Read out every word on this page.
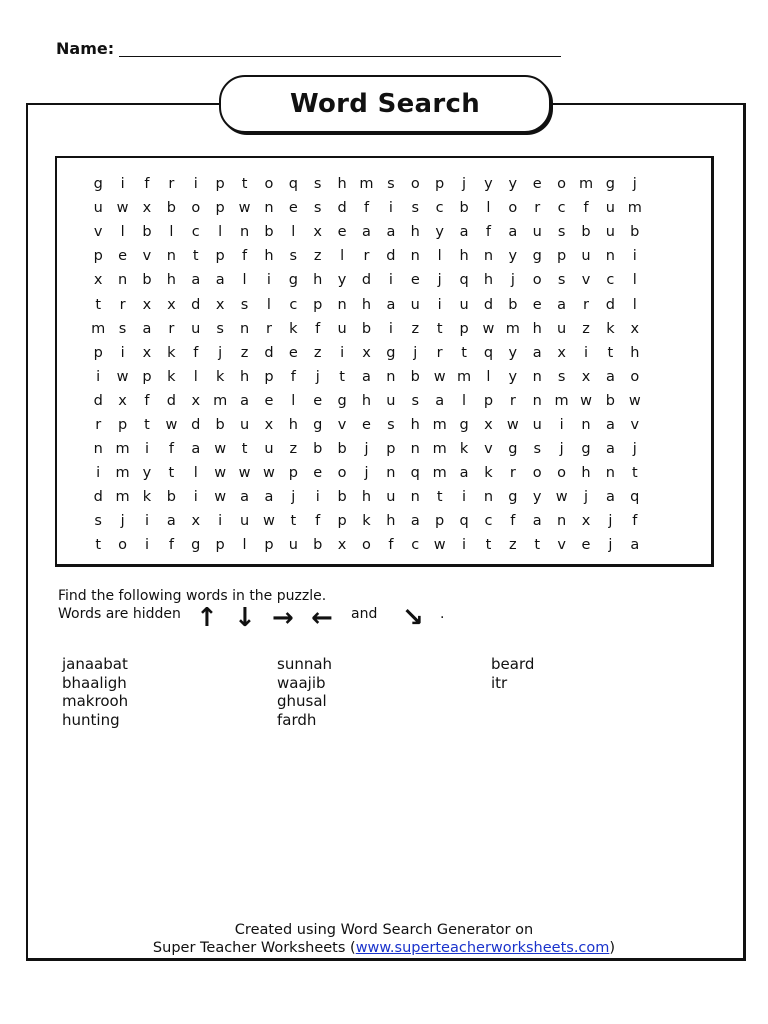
Name:
Word Search
g	i	f	r	i	p	t	o	q	s	h m s	o	p	j	y	y	e	o m g	j
u w x	b	o	p w n	e	s	d	f	i	s	c	b	l	o	r	c	f	u m
v	l	b	l	c	l	n	b	l	x	e	a	a	h	y	a	f	a	u	s	b	u	b
p	e	v	n	t	p	f	h	s	z	l	r	d	n	l	h	n	y	g	p	u	n	i
x	n	b	h	a	a	l	i	g	h	y	d	i	e	j	q	h	j	o	s	v	c	l
t	r	x	x	d	x	s	l	c	p	n	h	a	u	i	u	d	b	e	a	r	d	l
m s	a	r	u	s	n	r	k	f	u	b	i	z	t	p w m h	u	z	k	x
p	i	x	k	f	j	z	d	e	z	i	x	g	j	r	t	q	y	a	x	i	t	h
i	w p	k	l	k	h	p	f	j	t	a	n	b w m	l	y	n	s	x	a	o
d	x	f	d	x m a	e	l	e	g	h	u	s	a	l	p	r	n m w b w
r	p	t	w d	b	u	x	h	g	v	e	s	h m g	x w u	i	n	a	v
n m	i	f	a w	t	u	z	b	b	j	p	n m k	v	g	s	j	g	a	j
i	m y	t	l	w w w p	e	o	j	n	q m a	k	r	o	o	h	n	t
d m k	b	i	w a	a	j	i	b	h	u	n	t	i	n	g	y w	j	a	q
s	j	i	a	x	i	u w	t	f	p	k	h	a	p	q	c	f	a	n	x	j	f
t	o	i	f	g	p	l	p	u	b	x	o	f	c w	i	t	z	t	v	e	j	a
Find the following words in the puzzle.
Words are hidden ↑ ↓ → ← and ↘ .
janaabat
bhaaligh
makrooh
hunting
sunnah
waajib
ghusal
fardh
beard
itr
Created using Word Search Generator on
Super Teacher Worksheets (www.superteacherworksheets.com)
